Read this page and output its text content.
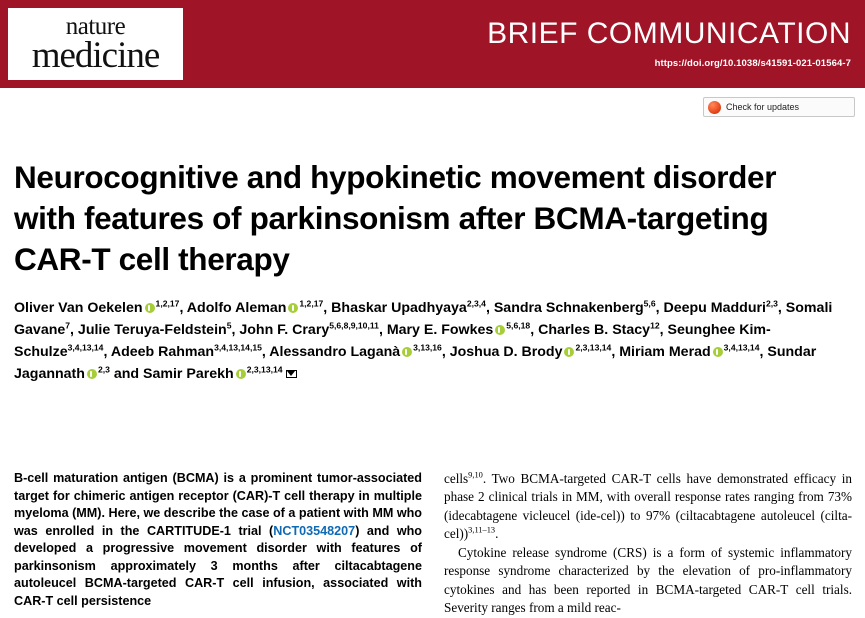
nature
medicine
BRIEF COMMUNICATION
https://doi.org/10.1038/s41591-021-01564-7
Check for updates
Neurocognitive and hypokinetic movement disorder with features of parkinsonism after BCMA-targeting CAR-T cell therapy
Oliver Van Oekelen $^{1,2,17}$, Adolfo Aleman $^{1,2,17}$, Bhaskar Upadhyaya$^{2,3,4}$, Sandra Schnakenberg$^{5,6}$, Deepu Madduri$^{2,3}$, Somali Gavane$^7$, Julie Teruya-Feldstein$^5$, John F. Crary$^{5,6,8,9,10,11}$, Mary E. Fowkes $^{5,6,18}$, Charles B. Stacy$^{12}$, Seunghee Kim-Schulze$^{3,4,13,14}$, Adeeb Rahman$^{3,4,13,14,15}$, Alessandro Laganà $^{3,13,16}$, Joshua D. Brody $^{2,3,13,14}$, Miriam Merad $^{3,4,13,14}$, Sundar Jagannath $^{2,3}$ and Samir Parekh $^{2,3,13,14}$

B-cell maturation antigen (BCMA) is a prominent tumor-associated target for chimeric antigen receptor (CAR)-T cell therapy in multiple myeloma (MM). Here, we describe the case of a patient with MM who was enrolled in the CARTITUDE-1 trial (NCT03548207) and who developed a progressive movement disorder with features of parkinsonism approximately 3 months after ciltacabtagene autoleucel BCMA-targeted CAR-T cell infusion, associated with CAR-T cell persistence

cells$^{9,10}$. Two BCMA-targeted CAR-T cells have demonstrated efficacy in phase 2 clinical trials in MM, with overall response rates ranging from 73% (idecabtagene vicleucel (ide-cel)) to 97% (ciltacabtagene autoleucel (cilta-cel))$^{3,11-13}$.

Cytokine release syndrome (CRS) is a form of systemic inflammatory response syndrome characterized by the elevation of pro-inflammatory cytokines and has been reported in BCMA-targeted CAR-T cell trials. Severity ranges from a mild reac-
